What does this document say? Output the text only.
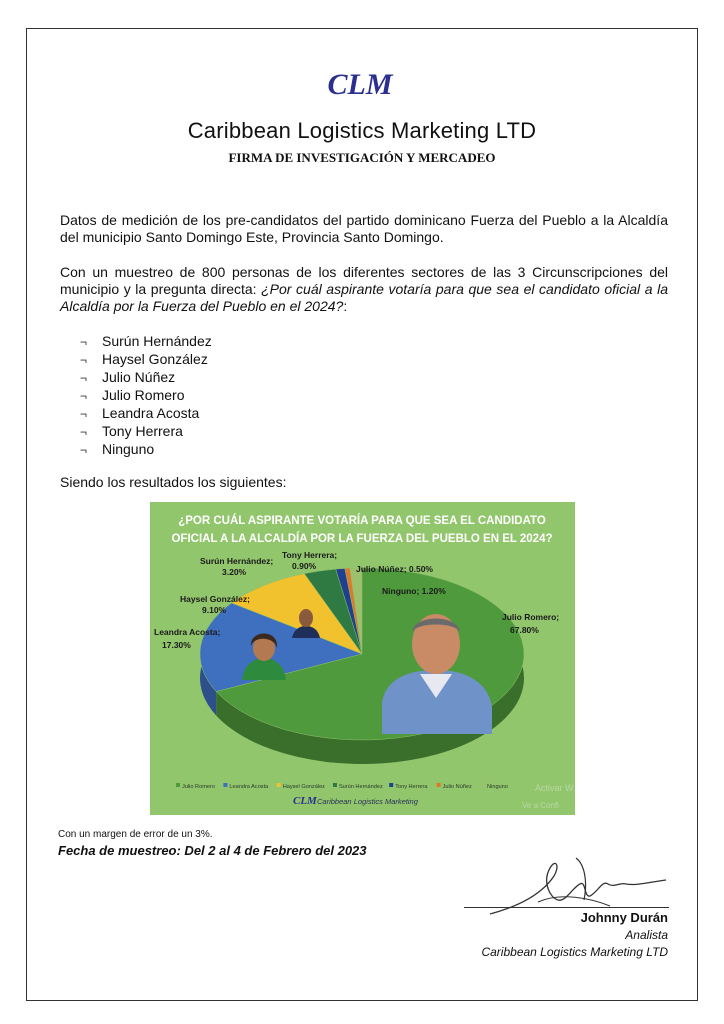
CLM
Caribbean Logistics Marketing LTD
FIRMA DE INVESTIGACIÓN Y MERCADEO
Datos de medición de los pre-candidatos del partido dominicano Fuerza del Pueblo a la Alcaldía del municipio Santo Domingo Este, Provincia Santo Domingo.
Con un muestreo de 800 personas de los diferentes sectores de las 3 Circunscripciones del municipio y la pregunta directa: ¿Por cuál aspirante votaría para que sea el candidato oficial a la Alcaldía por la Fuerza del Pueblo en el 2024?:
¬ Surún Hernández
¬ Haysel González
¬ Julio Núñez
¬ Julio Romero
¬ Leandra Acosta
¬ Tony Herrera
¬ Ninguno
Siendo los resultados los siguientes:
¿POR CUÁL ASPIRANTE VOTARÍA PARA QUE SEA EL CANDIDATO
OFICIAL A LA ALCALDÍA POR LA FUERZA DEL PUEBLO EN EL 2024?
Julio Romero;
67.80%
Leandra Acosta;
17.30%
Haysel González;
9.10%
Surún Hernández;
3.20%
Tony Herrera;
0.90%	Julio Núñez; 0.50%
Ninguno; 1.20%
Julio Romero	Leandra Acosta	Haysel González Surún Hernández Tony Herrera	Julio Núñez	Ninguno
CLM Caribbean Logistics Marketing
Activar W
Ve a Confi
Con un margen de error de un 3%.
Fecha de muestreo: Del 2 al 4 de Febrero del 2023
Johnny Durán
Analista
Caribbean Logistics Marketing LTD
